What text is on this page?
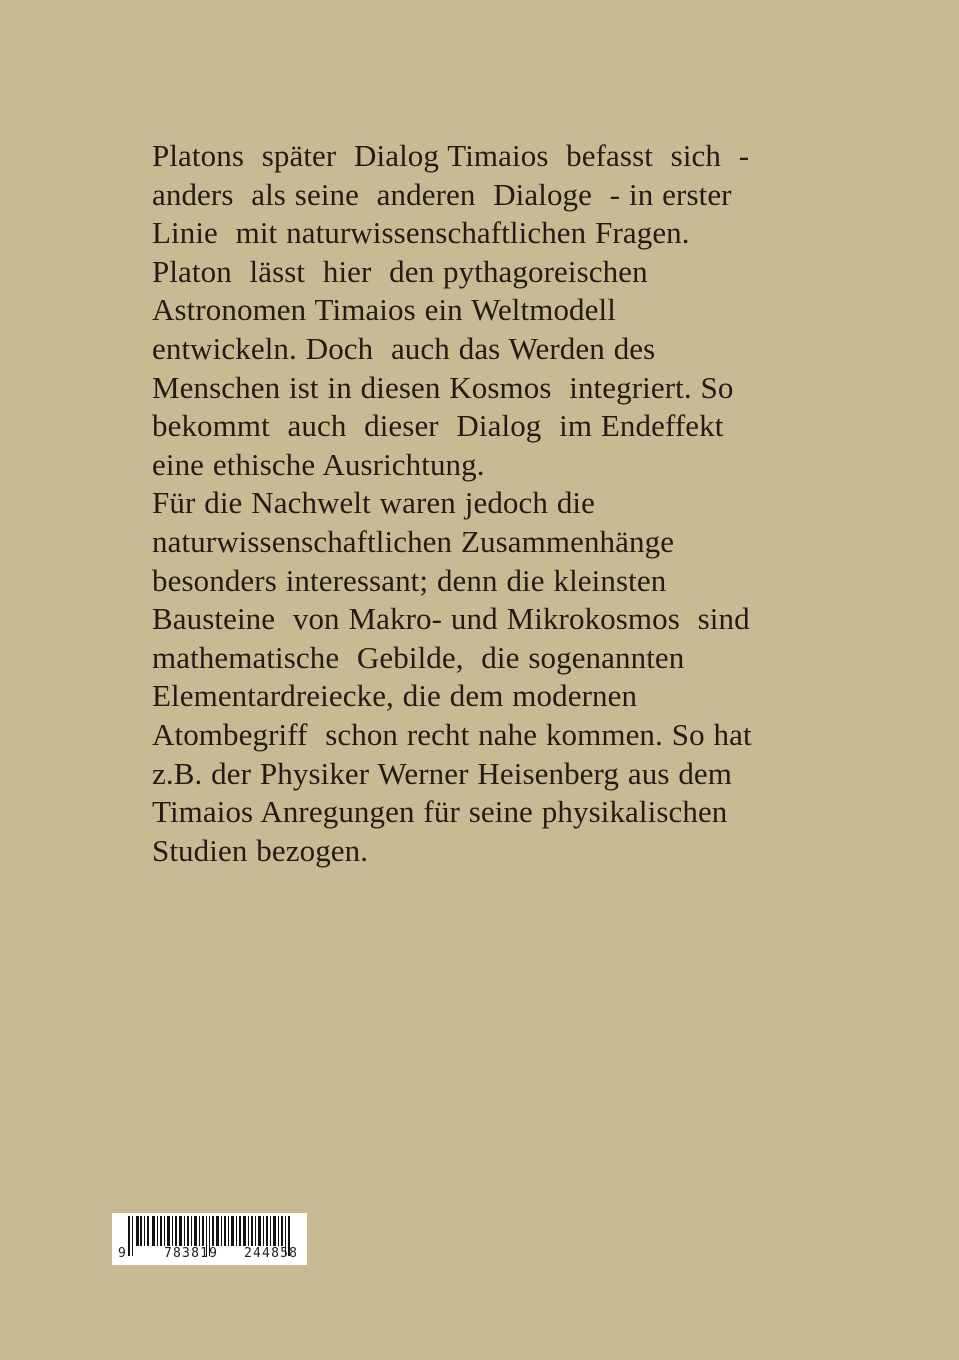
Platons  später  Dialog Timaios  befasst  sich  -
anders  als seine  anderen  Dialoge  - in erster
Linie  mit naturwissenschaftlichen Fragen.
Platon  lässt  hier  den pythagoreischen
Astronomen Timaios ein Weltmodell
entwickeln. Doch  auch das Werden des
Menschen ist in diesen Kosmos  integriert. So
bekommt  auch  dieser  Dialog  im Endeffekt
eine ethische Ausrichtung.
Für die Nachwelt waren jedoch die
naturwissenschaftlichen Zusammenhänge
besonders interessant; denn die kleinsten
Bausteine  von Makro- und Mikrokosmos  sind
mathematische  Gebilde,  die sogenannten
Elementardreiecke, die dem modernen
Atombegriff  schon recht nahe kommen. So hat
z.B. der Physiker Werner Heisenberg aus dem
Timaios Anregungen für seine physikalischen
Studien bezogen.
9	783819 244858
